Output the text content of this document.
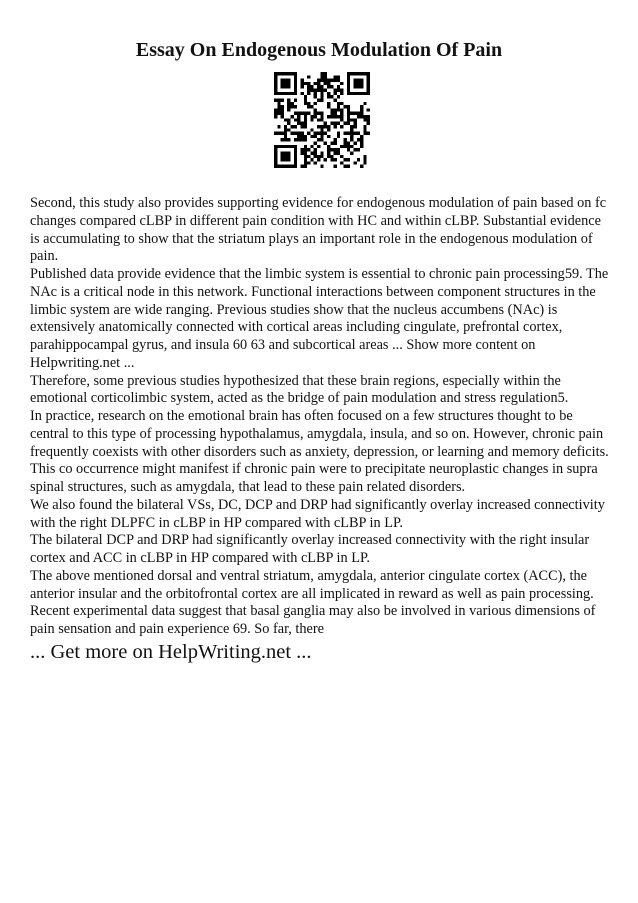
Essay On Endogenous Modulation Of Pain

Second, this study also provides supporting evidence for endogenous modulation of pain based on fc changes compared cLBP in different pain condition with HC and within cLBP. Substantial evidence is accumulating to show that the striatum plays an important role in the endogenous modulation of pain.

Published data provide evidence that the limbic system is essential to chronic pain processing59. The NAc is a critical node in this network. Functional interactions between component structures in the limbic system are wide ranging. Previous studies show that the nucleus accumbens (NAc) is extensively anatomically connected with cortical areas including cingulate, prefrontal cortex, parahippocampal gyrus, and insula 60 63 and subcortical areas ... Show more content on Helpwriting.net ...

Therefore, some previous studies hypothesized that these brain regions, especially within the emotional corticolimbic system, acted as the bridge of pain modulation and stress regulation5.

In practice, research on the emotional brain has often focused on a few structures thought to be central to this type of processing hypothalamus, amygdala, insula, and so on. However, chronic pain frequently coexists with other disorders such as anxiety, depression, or learning and memory deficits. This co occurrence might manifest if chronic pain were to precipitate neuroplastic changes in supra spinal structures, such as amygdala, that lead to these pain related disorders.

We also found the bilateral VSs, DC, DCP and DRP had significantly overlay increased connectivity with the right DLPFC in cLBP in HP compared with cLBP in LP.

The bilateral DCP and DRP had significantly overlay increased connectivity with the right insular cortex and ACC in cLBP in HP compared with cLBP in LP.

The above mentioned dorsal and ventral striatum, amygdala, anterior cingulate cortex (ACC), the anterior insular and the orbitofrontal cortex are all implicated in reward as well as pain processing. Recent experimental data suggest that basal ganglia may also be involved in various dimensions of pain sensation and pain experience 69. So far, there

... Get more on HelpWriting.net ...
